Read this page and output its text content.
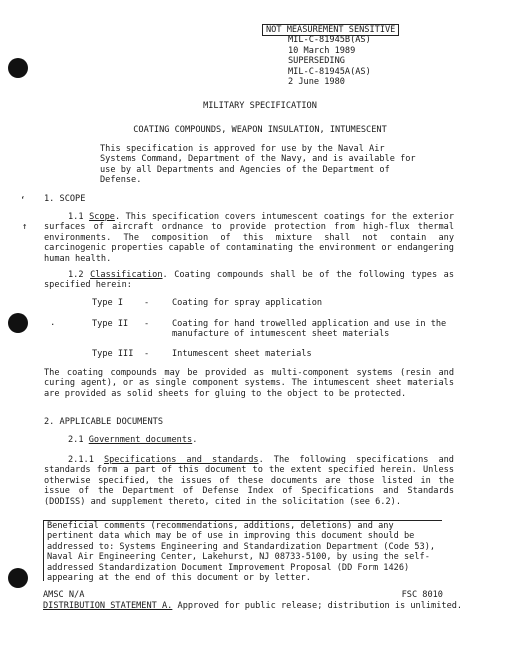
‘
↑
.
NOT MEASUREMENT SENSITIVE
MIL-C-81945B(AS)
10 March 1989
SUPERSEDING
MIL-C-81945A(AS)
2 June 1980
MILITARY SPECIFICATION
COATING COMPOUNDS, WEAPON INSULATION, INTUMESCENT

This specification is approved for use by the Naval Air Systems Command, Department of the Navy, and is available for use by all Departments and Agencies of the Department of Defense.

1. SCOPE

1.1 Scope. This specification covers intumescent coatings for the exterior surfaces of aircraft ordnance to provide protection from high-flux thermal environments. The composition of this mixture shall not contain any carcinogenic properties capable of contaminating the environment or endangering human health.

1.2 Classification. Coating compounds shall be of the following types as specified herein:

Type I	-	Coating for spray application
Type II	-	Coating for hand trowelled application and use in the manufacture of intumescent sheet materials
Type III	-	Intumescent sheet materials

The coating compounds may be provided as multi-component systems (resin and curing agent), or as single component systems. The intumescent sheet materials are provided as solid sheets for gluing to the object to be protected.

2. APPLICABLE DOCUMENTS

2.1 Government documents.

2.1.1 Specifications and standards. The following specifications and standards form a part of this document to the extent specified herein. Unless otherwise specified, the issues of these documents are those listed in the issue of the Department of Defense Index of Specifications and Standards (DODISS) and supplement thereto, cited in the solicitation (see 6.2).

Beneficial comments (recommendations, additions, deletions) and any pertinent data which may be of use in improving this document should be addressed to: Systems Engineering and Standardization Department (Code 53), Naval Air Engineering Center, Lakehurst, NJ 08733-5100, by using the self-addressed Standardization Document Improvement Proposal (DD Form 1426) appearing at the end of this document or by letter.

AMSC N/A	FSC 8010
DISTRIBUTION STATEMENT A. Approved for public release; distribution is unlimited.
